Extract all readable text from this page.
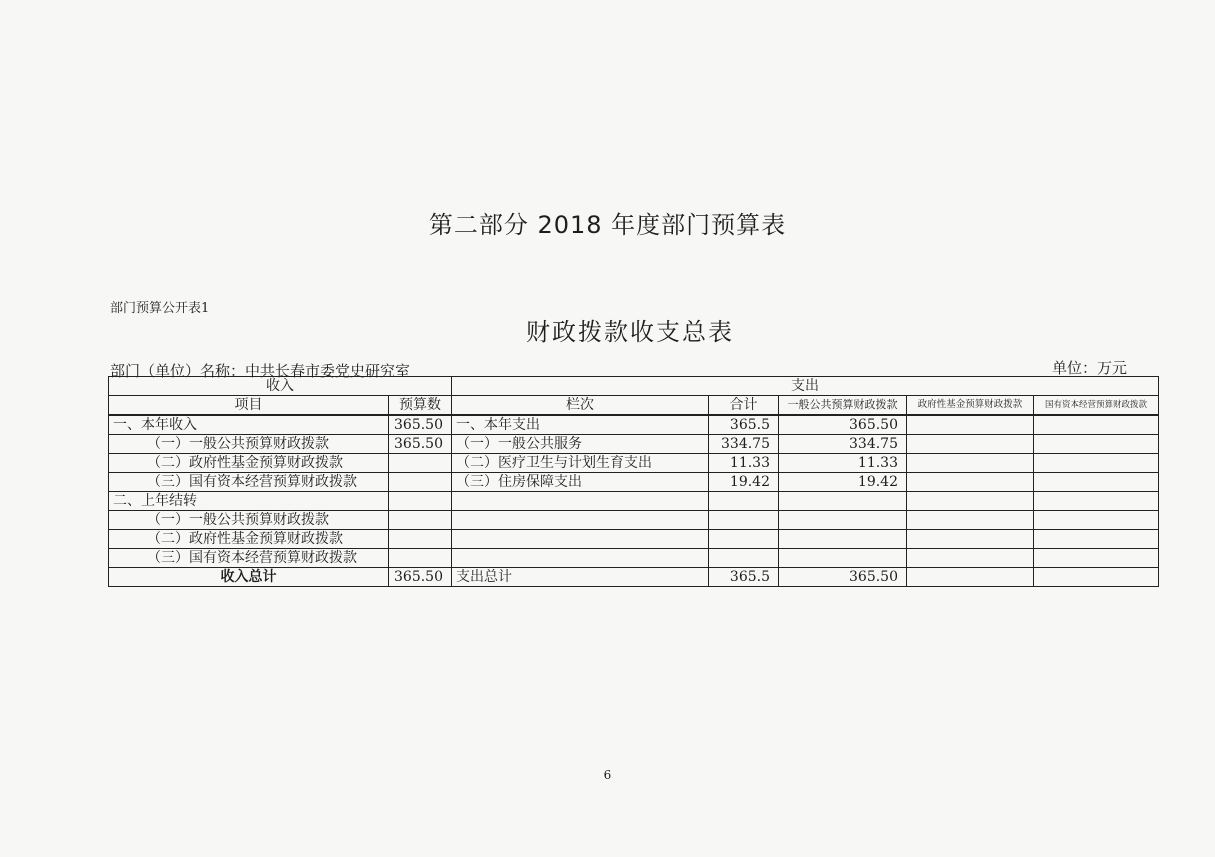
第二部分 2018 年度部门预算表
部门预算公开表1
财政拨款收支总表
部门（单位）名称：中共长春市委党史研究室	单位：万元
收入		支出				
项目	预算数	栏次	合计	一般公共预算财政拨款	政府性基金预算财政拨款	国有资本经营预算财政拨款
一、本年收入	365.50	一、本年支出	365.5	365.50		
（一）一般公共预算财政拨款	365.50	（一）一般公共服务	334.75	334.75		
（二）政府性基金预算财政拨款		（二）医疗卫生与计划生育支出	11.33	11.33		
（三）国有资本经营预算财政拨款		（三）住房保障支出	19.42	19.42		
二、上年结转						
（一）一般公共预算财政拨款						
（二）政府性基金预算财政拨款						
（三）国有资本经营预算财政拨款						
收入总计	365.50	支出总计	365.5	365.50		
6
